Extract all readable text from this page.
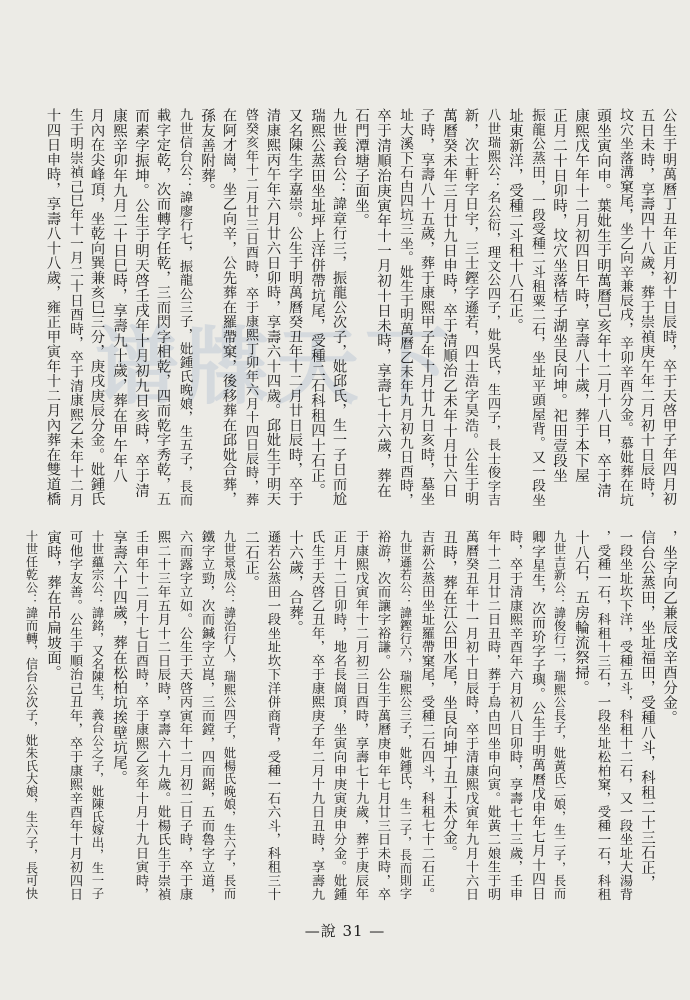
谱牒天下	公生于明萬曆丁丑年正月初十日辰時，卒于天啓甲子年四月初
五日未時，享壽四十八歲，葬于崇禎庚午年二月初十日辰時，
坟穴坐落溝窠尾，坐乙向辛兼辰戌，辛卯辛酉分金。慕妣葬在坑
頭坐寅向申。葉妣生于明萬曆己亥年十二月十八日，卒于清
康熙戊午年十二月初四日午時，享壽八十歲，葬于本下屋
正月二十日卯時，坟穴坐落桔子湖坐艮向坤。祀田壹段坐
振龍公蒸田，一段受種二斗租粟二石，坐址平頭屋背。又一段坐
址東新洋，受種二斗租十八石正。
八世瑞熙公：名公衍，理文公四子，妣吳氏，生四子，長士俊字吉
新，次士軒字日宇，三士鏗字遜若，四士浩字昊浩。公生于明
萬曆癸未年三月廿九日申時，卒于清順治乙未年十月廿六日
子時，享壽八十五歲，葬于康熙甲子年十月廿九日亥時，墓坐
址大溪下石甴四坑三坐。妣生于明萬曆乙未年九月初九日酉時，
卒于清順治庚寅年十一月初十日未時，享壽七十六歲，葬在
石門潭塘子面坐。
九世義台公：諱章行三，振龍公次子，妣邱氏，生一子日而尬
瑞熙公蒸田坐址坪上洋併帶坑尾，受種二石科租四十石正。
又名陳生字嘉崇。公生于明萬曆癸丑年十二月廿日辰時，卒于
清康熙丙午年六月廿六日卯時，享壽六十四歲。邱妣生于明天
啓癸亥年十二月廿三日酉時，卒于康熙丁卯年六月十四日辰時，葬
在阿才崗，坐乙向辛，公先葬在羅帶窠，後移葬在邱妣合葬，
孫友善附葬。
九世信台公：諱廖行七，振龍公三子，妣鍾氏晚娘，生五子，長而
載字定乾，次而轉字任乾，三而閃字相乾，四而乾字秀乾，五
而素字振坤。公生于明天啓壬戌年十月初九日亥時，卒于清
康熙辛卯年九月二十日巳時，享壽九十歲，葬在甲午年八
月內在尖峰頂，坐乾向巽兼亥巳三分，庚戌庚辰分金。妣鍾氏
生于明崇禎己巳年十一月二十日酉時，卒于清康熙乙未年十二月
十四日申時，享壽八十八歲，雍正甲寅年十二月內葬在雙道橋
，坐字向乙兼辰戌辛酉分金。
信台公蒸田，坐址福田，受種八斗，科租二十三石正，
一段坐址坎下洋，受種五斗，科租十二石，又一段坐址大湯背
，受種一石，科租十三石，一段坐址松柏窠，受種一石，科租
十八石，五房輪流祭掃。
九世吉新公：諱俊行二，瑞熙公長子，妣黃氏二娘，生二子，長而
卿字星生，次而玠字子璵。公生于明萬曆戊申年七月十四日
時，卒于清康熙辛酉年六月初八日卯時，享壽七十三歲，壬申
年十二月廿二日丑時，葬于烏甴凹坐申向寅。妣黃二娘生于明
萬曆癸丑年十一月初十日辰時，卒于清康熙戊寅年九月十六日
丑時，葬在江公田水尾，坐艮向坤丁丑丁未分金。
吉新公蒸田坐址羅帶窠尾，受種二石四斗，科租七十二石正。
九世遜若公：諱鏗行六，瑞熙公三子，妣鍾氏，生二子，長而則字
裕游，次而讓字裕謙。公生于萬曆庚申年七月廿三日未時，卒
于康熙戊寅年十二月初三日酉時，享壽七十九歲，葬于庚辰年
正月十二日卯時，地名長崗頂，坐寅向申庚寅庚申分金。妣鍾
氏生于天啓乙丑年，卒于康熙庚子年二月十九日丑時，享壽九
十六歲，合葬。
遜若公蒸田一段坐址坎下洋併商背，受種一石六斗，科租三十
二石正。
九世景成公：諱治行人，瑞熙公四子，妣楊氏晚娘，生六子，長而
鐵字立勁，次而鍼字立崑，三而鏜，四而鋸，五而魯字立道，
六而露字立如。公生于天啓丙寅年十二月初二日子時，卒于康
熙二十三年五月十二日辰時，享壽六十九歲。妣楊氏生于崇禎
壬申年十二月十七日酉時，卒于康熙乙亥年十月十九日寅時，
享壽六十四歲，葬在松柏坑挨壁坑尾。
十世蘊宗公：諱銘，又名陳生，義台公之子，妣陳氏嫁出，生一子
可他字友善。公生于順治己丑年，卒于康熙辛酉年十月初四日
寅時，葬在吊扁坡面。
十世任乾公：諱而轉，信台公次子，妣朱氏大娘，生六子，長可快
—說 31 —
